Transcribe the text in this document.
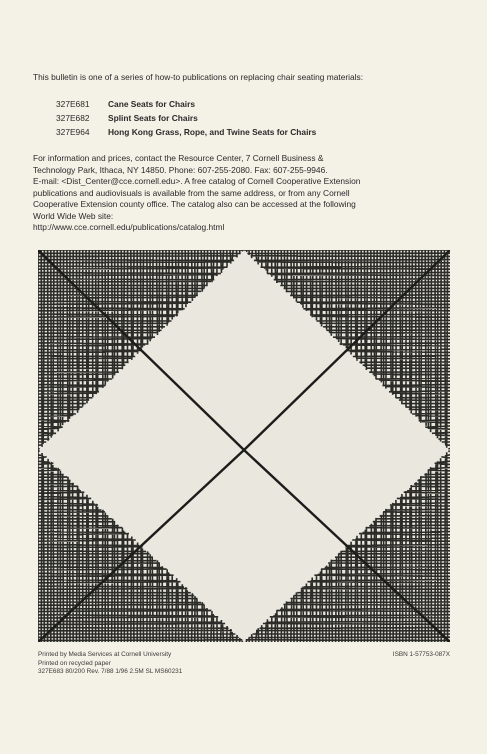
This bulletin is one of a series of how-to publications on replacing chair seating materials:
327E681	Cane Seats for Chairs
327E682	Splint Seats for Chairs
327E964	Hong Kong Grass, Rope, and Twine Seats for Chairs
For information and prices, contact the Resource Center, 7 Cornell Business &
Technology Park, Ithaca, NY 14850. Phone: 607-255-2080. Fax: 607-255-9946.
E-mail: <Dist_Center@cce.cornell.edu>. A free catalog of Cornell Cooperative Extension
publications and audiovisuals is available from the same address, or from any Cornell
Cooperative Extension county office. The catalog also can be accessed at the following
World Wide Web site:
http://www.cce.cornell.edu/publications/catalog.html
Printed by Media Services at Cornell University
Printed on recycled paper
327E683 80/200 Rev. 7/88 1/96 2.5M SL MS60231
ISBN 1-57753-087X
